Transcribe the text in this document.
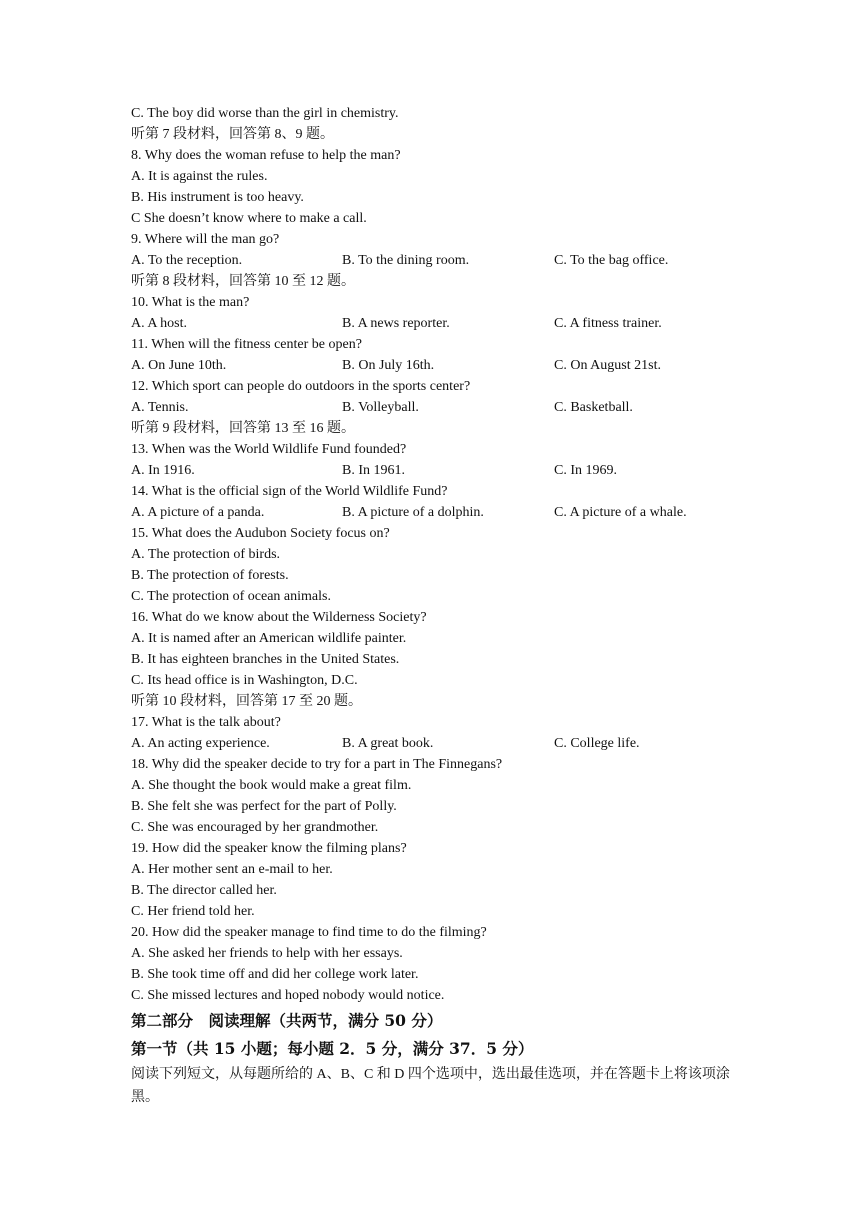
C. The boy did worse than the girl in chemistry.
听第 7 段材料，回答第 8、9 题。
8. Why does the woman refuse to help the man?
A. It is against the rules.
B. His instrument is too heavy.
C She doesn’t know where to make a call.
9. Where will the man go?
A. To the reception.	B. To the dining room.	C. To the bag office.
听第 8 段材料，回答第 10 至 12 题。
10. What is the man?
A. A host.	B. A news reporter.	C. A fitness trainer.
11. When will the fitness center be open?
A. On June 10th.	B. On July 16th.	C. On August 21st.
12. Which sport can people do outdoors in the sports center?
A. Tennis.	B. Volleyball.	C. Basketball.
听第 9 段材料，回答第 13 至 16 题。
13. When was the World Wildlife Fund founded?
A. In 1916.	B. In 1961.	C. In 1969.
14. What is the official sign of the World Wildlife Fund?
A. A picture of a panda.	B. A picture of a dolphin.	C. A picture of a whale.
15. What does the Audubon Society focus on?
A. The protection of birds.
B. The protection of forests.
C. The protection of ocean animals.
16. What do we know about the Wilderness Society?
A. It is named after an American wildlife painter.
B. It has eighteen branches in the United States.
C. Its head office is in Washington, D.C.
听第 10 段材料，回答第 17 至 20 题。
17. What is the talk about?
A. An acting experience.	B. A great book.	C. College life.
18. Why did the speaker decide to try for a part in The Finnegans?
A. She thought the book would make a great film.
B. She felt she was perfect for the part of Polly.
C. She was encouraged by her grandmother.
19. How did the speaker know the filming plans?
A. Her mother sent an e-mail to her.
B. The director called her.
C. Her friend told her.
20. How did the speaker manage to find time to do the filming?
A. She asked her friends to help with her essays.
B. She took time off and did her college work later.
C. She missed lectures and hoped nobody would notice.
第二部分　阅读理解（共两节，满分 50 分）
第一节（共 15 小题；每小题 2．5 分，满分 37．5 分）
阅读下列短文，从每题所给的 A、B、C 和 D 四个选项中，选出最佳选项，并在答题卡上将该项涂黑。
